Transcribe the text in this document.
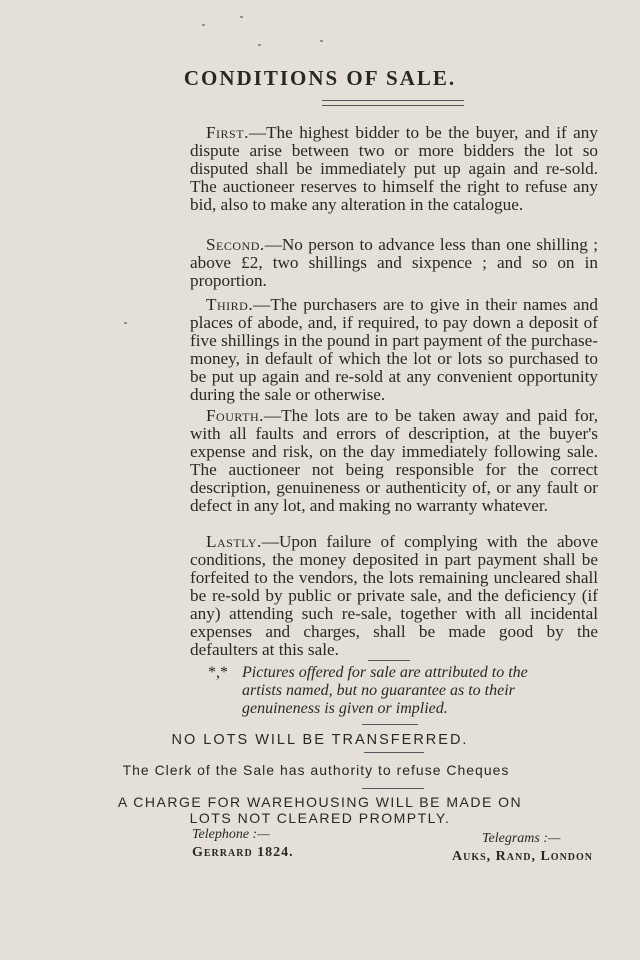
CONDITIONS OF SALE.

First.—The highest bidder to be the buyer, and if any dispute arise between two or more bidders the lot so disputed shall be immediately put up again and re-sold. The auctioneer reserves to himself the right to refuse any bid, also to make any alteration in the catalogue.

Second.—No person to advance less than one shilling ; above £2, two shillings and sixpence ; and so on in proportion.

Third.—The purchasers are to give in their names and places of abode, and, if required, to pay down a deposit of five shillings in the pound in part payment of the purchase-money, in default of which the lot or lots so purchased to be put up again and re-sold at any convenient opportunity during the sale or otherwise.

Fourth.—The lots are to be taken away and paid for, with all faults and errors of description, at the buyer's expense and risk, on the day immediately following sale. The auctioneer not being responsible for the correct description, genuineness or authenticity of, or any fault or defect in any lot, and making no warranty whatever.

Lastly.—Upon failure of complying with the above conditions, the money deposited in part payment shall be forfeited to the vendors, the lots remaining uncleared shall be re-sold by public or private sale, and the deficiency (if any) attending such re-sale, together with all incidental expenses and charges, shall be made good by the defaulters at this sale.

*,* Pictures offered for sale are attributed to the
artists named, but no guarantee as to their
genuineness is given or implied.
NO LOTS WILL BE TRANSFERRED.
The Clerk of the Sale has authority to refuse Cheques
A CHARGE FOR WAREHOUSING WILL BE MADE ON
LOTS NOT CLEARED PROMPTLY.
Telephone :—
Gerrard 1824.
Telegrams :—
Auks, Rand, London
